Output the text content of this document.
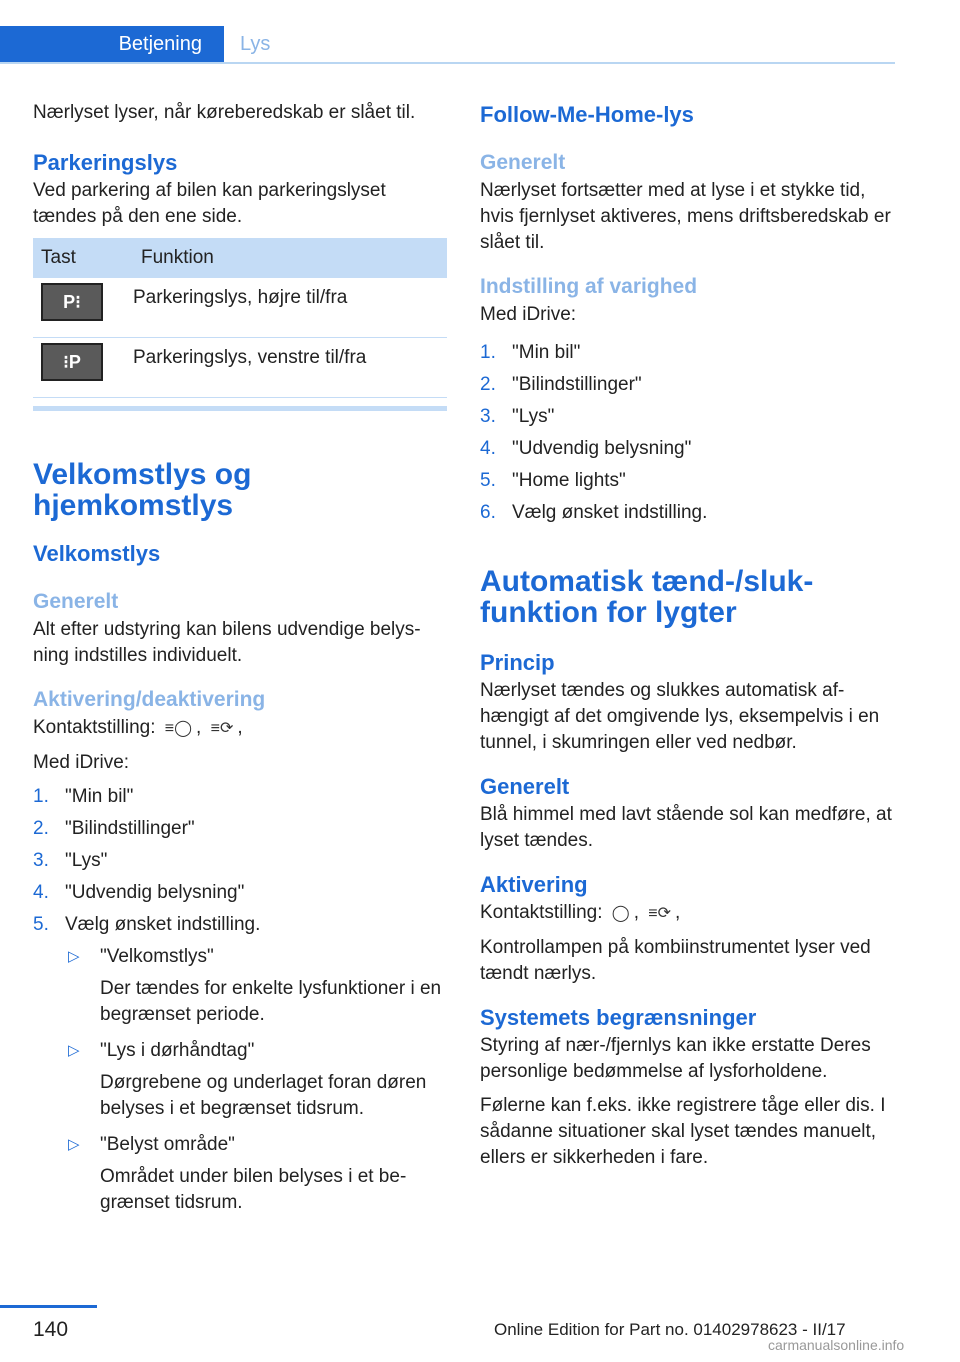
Betjening	Lys

Nærlyset lyser, når køreberedskab er slået til.

Parkeringslys

Ved parkering af bilen kan parkeringslyset tændes på den ene side.

Tast	Funktion

P⁝	Parkeringslys, højre til/fra

⁝P	Parkeringslys, venstre til/fra
Velkomstlys og hjemkomstlys
Velkomstlys
Generelt

Alt efter udstyring kan bilens udvendige belysning indstilles individuelt.

Aktivering/deaktivering

Kontaktstilling: ≡◯ , ≡⟳ ,

Med iDrive:

1. "Min bil"
2. "Bilindstillinger"
3. "Lys"
4. "Udvendig belysning"
5. Vælg ønsket indstilling.
▷ "Velkomstlys"
Der tændes for enkelte lysfunktioner i en begrænset periode.
▷ "Lys i dørhåndtag"
Dørgrebene og underlaget foran døren belyses i et begrænset tidsrum.
▷ "Belyst område"
Området under bilen belyses i et begrænset tidsrum.
Follow-Me-Home-lys
Generelt

Nærlyset fortsætter med at lyse i et stykke tid, hvis fjernlyset aktiveres, mens driftsberedskab er slået til.

Indstilling af varighed

Med iDrive:

1. "Min bil"
2. "Bilindstillinger"
3. "Lys"
4. "Udvendig belysning"
5. "Home lights"
6. Vælg ønsket indstilling.
Automatisk tænd-/slukfunktion for lygter
Princip

Nærlyset tændes og slukkes automatisk afhængigt af det omgivende lys, eksempelvis i en tunnel, i skumringen eller ved nedbør.

Generelt

Blå himmel med lavt stående sol kan medføre, at lyset tændes.

Aktivering

Kontaktstilling: ◯ , ≡⟳ ,

Kontrollampen på kombiinstrumentet lyser ved tændt nærlys.

Systemets begrænsninger

Styring af nær-/fjernlys kan ikke erstatte Deres personlige bedømmelse af lysforholdene.

Følerne kan f.eks. ikke registrere tåge eller dis. I sådanne situationer skal lyset tændes manuelt, ellers er sikkerheden i fare.

140	Online Edition for Part no. 01402978623 - II/17
carmanualsonline.info
